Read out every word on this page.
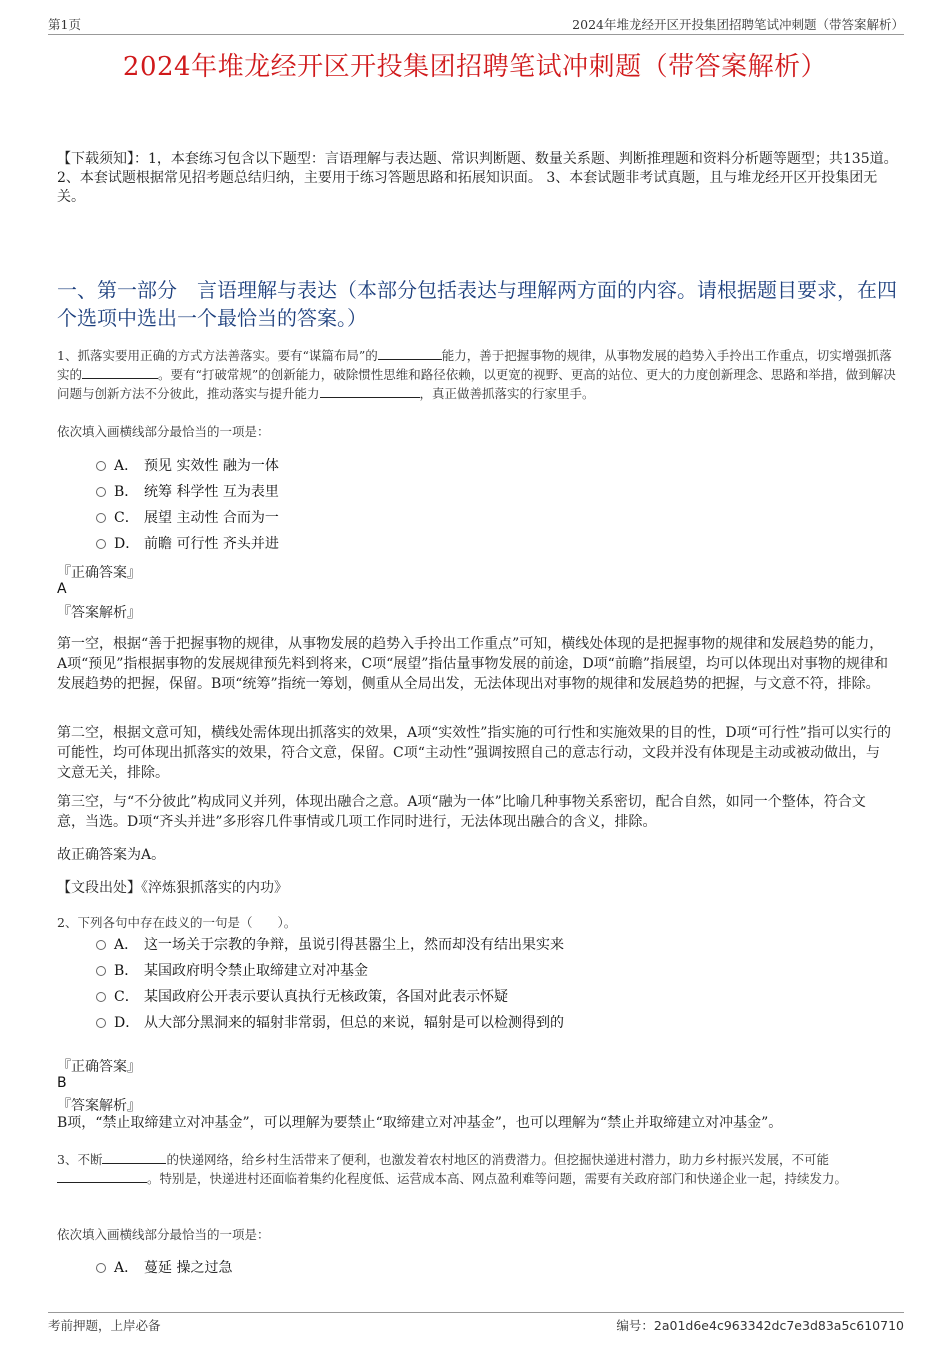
第1页	2024年堆龙经开区开投集团招聘笔试冲刺题（带答案解析）
2024年堆龙经开区开投集团招聘笔试冲刺题（带答案解析）
【下载须知】：1，本套练习包含以下题型：言语理解与表达题、常识判断题、数量关系题、判断推理题和资料分析题等题型；共135道。 2、本套试题根据常见招考题总结归纳，主要用于练习答题思路和拓展知识面。 3、本套试题非考试真题，且与堆龙经开区开投集团无关。
一、第一部分　言语理解与表达（本部分包括表达与理解两方面的内容。请根据题目要求，在四个选项中选出一个最恰当的答案。）
1、抓落实要用正确的方式方法善落实。要有“谋篇布局”的	能力，善于把握事物的规律，从事物发展的趋势入手拎出工作重点，切实增强抓落实的	。要有“打破常规”的创新能力，破除惯性思维和路径依赖，以更宽的视野、更高的站位、更大的力度创新理念、思路和举措，做到解决问题与创新方法不分彼此，推动落实与提升能力	，真正做善抓落实的行家里手。
依次填入画横线部分最恰当的一项是：
A． 预见 实效性 融为一体
B． 统筹 科学性 互为表里
C． 展望 主动性 合而为一
D． 前瞻 可行性 齐头并进
『正确答案』
A
『答案解析』
第一空，根据“善于把握事物的规律，从事物发展的趋势入手拎出工作重点”可知，横线处体现的是把握事物的规律和发展趋势的能力，A项“预见”指根据事物的发展规律预先料到将来，C项“展望”指估量事物发展的前途，D项“前瞻”指展望，均可以体现出对事物的规律和发展趋势的把握，保留。B项“统筹”指统一筹划，侧重从全局出发，无法体现出对事物的规律和发展趋势的把握，与文意不符，排除。
第二空，根据文意可知，横线处需体现出抓落实的效果，A项“实效性”指实施的可行性和实施效果的目的性，D项“可行性”指可以实行的可能性，均可体现出抓落实的效果，符合文意，保留。C项“主动性”强调按照自己的意志行动，文段并没有体现是主动或被动做出，与文意无关，排除。
第三空，与“不分彼此”构成同义并列，体现出融合之意。A项“融为一体”比喻几种事物关系密切，配合自然，如同一个整体，符合文意，当选。D项“齐头并进”多形容几件事情或几项工作同时进行，无法体现出融合的含义，排除。
故正确答案为A。
【文段出处】《淬炼狠抓落实的内功》
2、下列各句中存在歧义的一句是（　　）。
A． 这一场关于宗教的争辩，虽说引得甚嚣尘上，然而却没有结出果实来
B． 某国政府明令禁止取缔建立对冲基金
C． 某国政府公开表示要认真执行无核政策，各国对此表示怀疑
D． 从大部分黑洞来的辐射非常弱，但总的来说，辐射是可以检测得到的
『正确答案』
B
『答案解析』
B项，“禁止取缔建立对冲基金”，可以理解为要禁止“取缔建立对冲基金”，也可以理解为“禁止并取缔建立对冲基金”。
3、不断	的快递网络，给乡村生活带来了便利，也激发着农村地区的消费潜力。但挖掘快递进村潜力，助力乡村振兴发展，不可能。特别是，快递进村还面临着集约化程度低、运营成本高、网点盈利难等问题，需要有关政府部门和快递企业一起，持续发力。
依次填入画横线部分最恰当的一项是：
A． 蔓延 操之过急
考前押题，上岸必备	编号：2a01d6e4c963342dc7e3d83a5c610710
